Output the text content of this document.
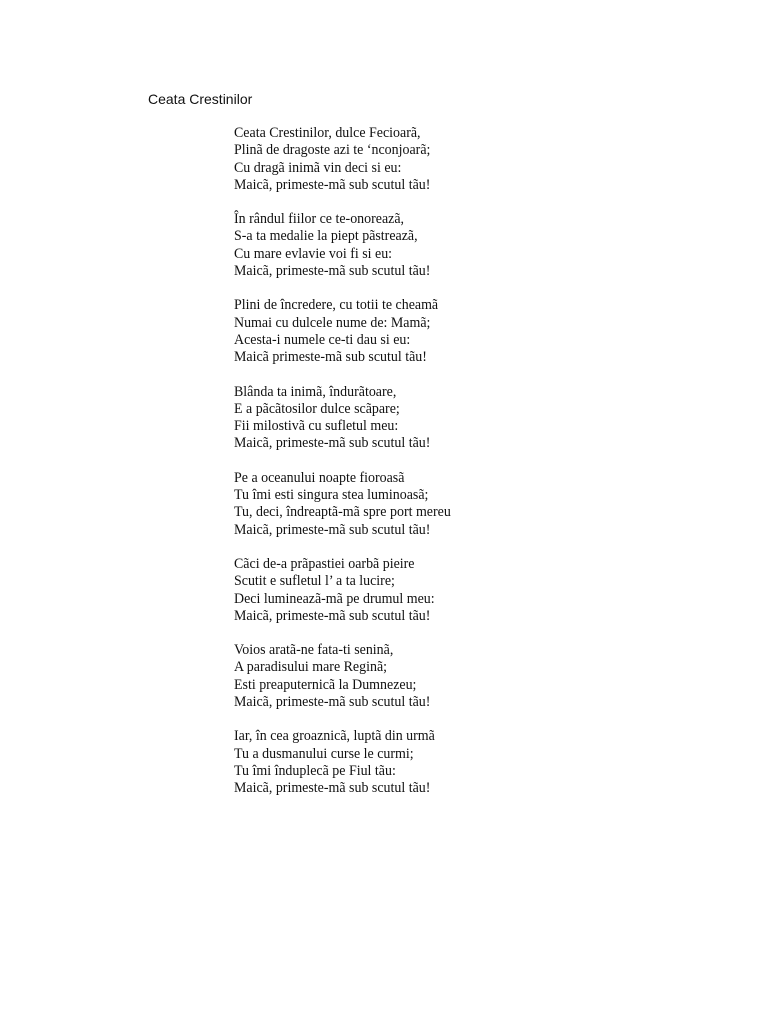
Ceata Crestinilor
Ceata Crestinilor, dulce Fecioarã,
Plinã de dragoste azi te ‘nconjoarã;
Cu dragã inimã vin deci si eu:
Maicã, primeste-mã sub scutul tãu!
În rândul fiilor ce te-onoreazã,
S-a ta medalie la piept pãstreazã,
Cu mare evlavie voi fi si eu:
Maicã, primeste-mã sub scutul tãu!
Plini de încredere, cu totii te cheamã
Numai cu dulcele nume de: Mamã;
Acesta-i numele ce-ti dau si eu:
Maicã primeste-mã sub scutul tãu!
Blânda ta inimã, îndurãtoare,
E a pãcãtosilor dulce scãpare;
Fii milostivã cu sufletul meu:
Maicã, primeste-mã sub scutul tãu!
Pe a oceanului noapte fioroasã
Tu îmi esti singura stea luminoasã;
Tu, deci, îndreaptã-mã spre port mereu
Maicã, primeste-mã sub scutul tãu!
Cãci de-a prãpastiei oarbã pieire
Scutit e sufletul l’ a ta lucire;
Deci lumineazã-mã pe drumul meu:
Maicã, primeste-mã sub scutul tãu!
Voios aratã-ne fata-ti seninã,
A paradisului mare Reginã;
Esti preaputernicã la Dumnezeu;
Maicã, primeste-mã sub scutul tãu!
Iar, în cea groaznicã, luptã din urmã
Tu a dusmanului curse le curmi;
Tu îmi înduplecã pe Fiul tãu:
Maicã, primeste-mã sub scutul tãu!
